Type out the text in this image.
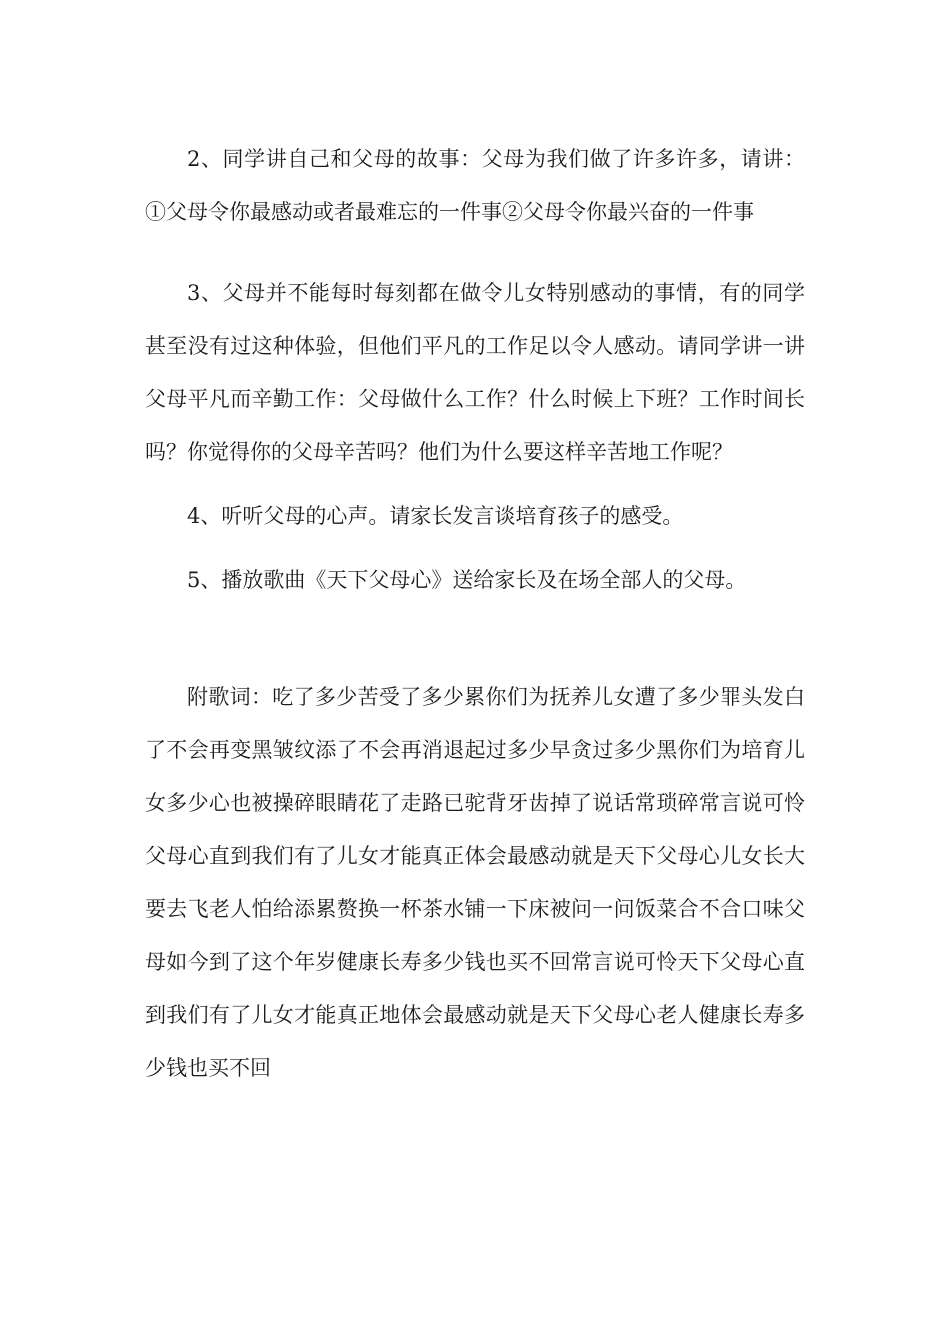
2、同学讲自己和父母的故事：父母为我们做了许多许多，请讲：①父母令你最感动或者最难忘的一件事②父母令你最兴奋的一件事

3、父母并不能每时每刻都在做令儿女特别感动的事情，有的同学甚至没有过这种体验，但他们平凡的工作足以令人感动。请同学讲一讲父母平凡而辛勤工作：父母做什么工作？什么时候上下班？工作时间长吗？你觉得你的父母辛苦吗？他们为什么要这样辛苦地工作呢？

4、听听父母的心声。请家长发言谈培育孩子的感受。

5、播放歌曲《天下父母心》送给家长及在场全部人的父母。

附歌词：吃了多少苦受了多少累你们为抚养儿女遭了多少罪头发白了不会再变黑皱纹添了不会再消退起过多少早贪过多少黑你们为培育儿女多少心也被操碎眼睛花了走路已驼背牙齿掉了说话常琐碎常言说可怜父母心直到我们有了儿女才能真正体会最感动就是天下父母心儿女长大要去飞老人怕给添累赘换一杯茶水铺一下床被问一问饭菜合不合口味父母如今到了这个年岁健康长寿多少钱也买不回常言说可怜天下父母心直到我们有了儿女才能真正地体会最感动就是天下父母心老人健康长寿多少钱也买不回
